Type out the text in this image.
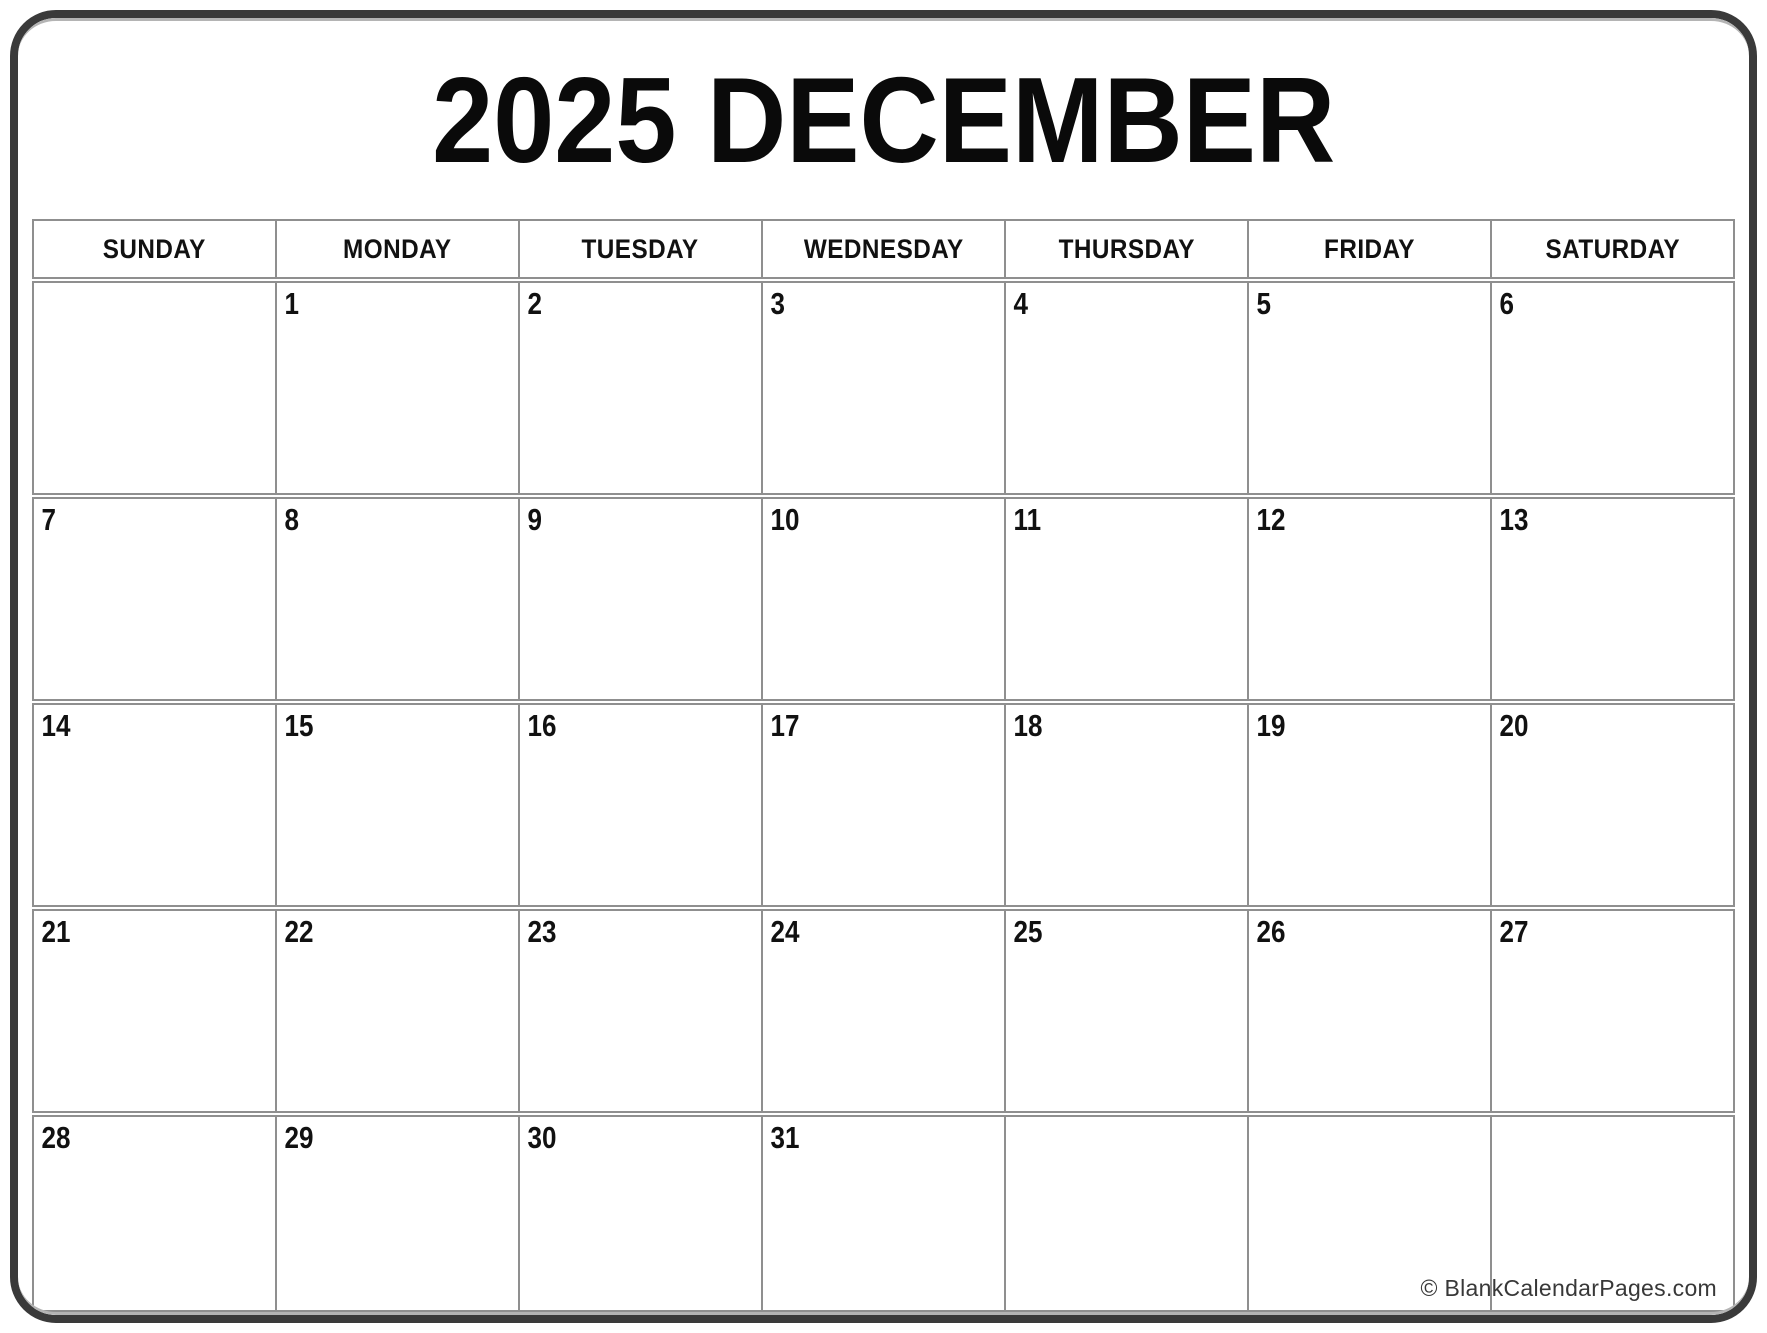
2025 DECEMBER
SUNDAY	MONDAY	TUESDAY	WEDNESDAY	THURSDAY	FRIDAY	SATURDAY

	1	2	3	4	5	6

7	8	9	10	11	12	13

14	15	16	17	18	19	20

21	22	23	24	25	26	27

28	29	30	31			© BlankCalendarPages.com
